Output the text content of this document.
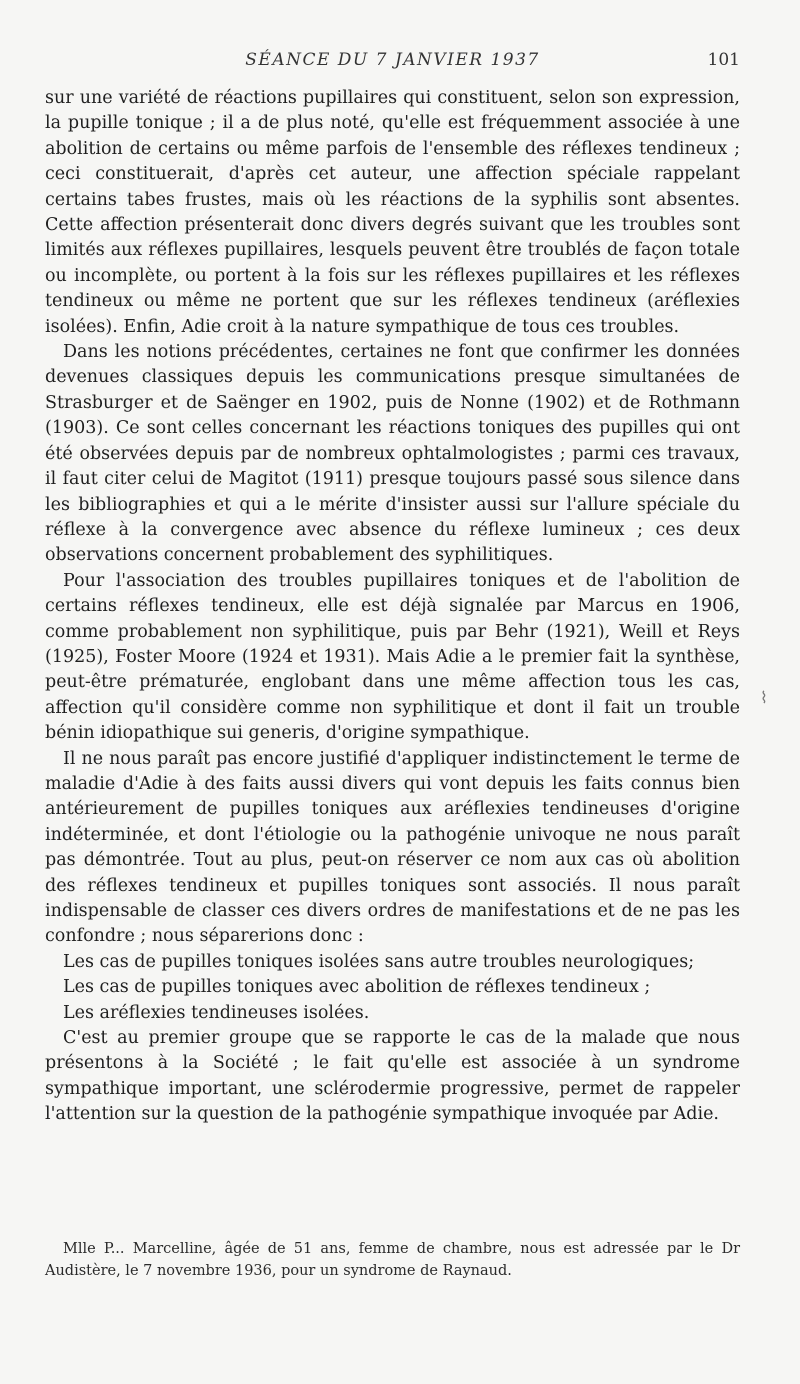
SÉANCE DU 7 JANVIER 1937	101

sur une variété de réactions pupillaires qui constituent, selon son expression, la pupille tonique ; il a de plus noté, qu'elle est fréquemment associée à une abolition de certains ou même parfois de l'ensemble des réflexes tendineux ; ceci constituerait, d'après cet auteur, une affection spéciale rappelant certains tabes frustes, mais où les réactions de la syphilis sont absentes. Cette affection présenterait donc divers degrés suivant que les troubles sont limités aux réflexes pupillaires, lesquels peuvent être troublés de façon totale ou incomplète, ou portent à la fois sur les réflexes pupillaires et les réflexes tendineux ou même ne portent que sur les réflexes tendineux (aréflexies isolées). Enfin, Adie croit à la nature sympathique de tous ces troubles.

Dans les notions précédentes, certaines ne font que confirmer les données devenues classiques depuis les communications presque simultanées de Strasburger et de Saënger en 1902, puis de Nonne (1902) et de Rothmann (1903). Ce sont celles concernant les réactions toniques des pupilles qui ont été observées depuis par de nombreux ophtalmologistes ; parmi ces travaux, il faut citer celui de Magitot (1911) presque toujours passé sous silence dans les bibliographies et qui a le mérite d'insister aussi sur l'allure spéciale du réflexe à la convergence avec absence du réflexe lumineux ; ces deux observations concernent probablement des syphilitiques.

Pour l'association des troubles pupillaires toniques et de l'abolition de certains réflexes tendineux, elle est déjà signalée par Marcus en 1906, comme probablement non syphilitique, puis par Behr (1921), Weill et Reys (1925), Foster Moore (1924 et 1931). Mais Adie a le premier fait la synthèse, peut-être prématurée, englobant dans une même affection tous les cas, affection qu'il considère comme non syphilitique et dont il fait un trouble bénin idiopathique sui generis, d'origine sympathique.

Il ne nous paraît pas encore justifié d'appliquer indistinctement le terme de maladie d'Adie à des faits aussi divers qui vont depuis les faits connus bien antérieurement de pupilles toniques aux aréflexies tendineuses d'origine indéterminée, et dont l'étiologie ou la pathogénie univoque ne nous paraît pas démontrée. Tout au plus, peut-on réserver ce nom aux cas où abolition des réflexes tendineux et pupilles toniques sont associés. Il nous paraît indispensable de classer ces divers ordres de manifestations et de ne pas les confondre ; nous séparerions donc :

Les cas de pupilles toniques isolées sans autre troubles neurologiques;

Les cas de pupilles toniques avec abolition de réflexes tendineux ;

Les aréflexies tendineuses isolées.

C'est au premier groupe que se rapporte le cas de la malade que nous présentons à la Société ; le fait qu'elle est associée à un syndrome sympathique important, une sclérodermie progressive, permet de rappeler l'attention sur la question de la pathogénie sympathique invoquée par Adie.

Mlle P... Marcelline, âgée de 51 ans, femme de chambre, nous est adressée par le Dr Audistère, le 7 novembre 1936, pour un syndrome de Raynaud.
⌇
